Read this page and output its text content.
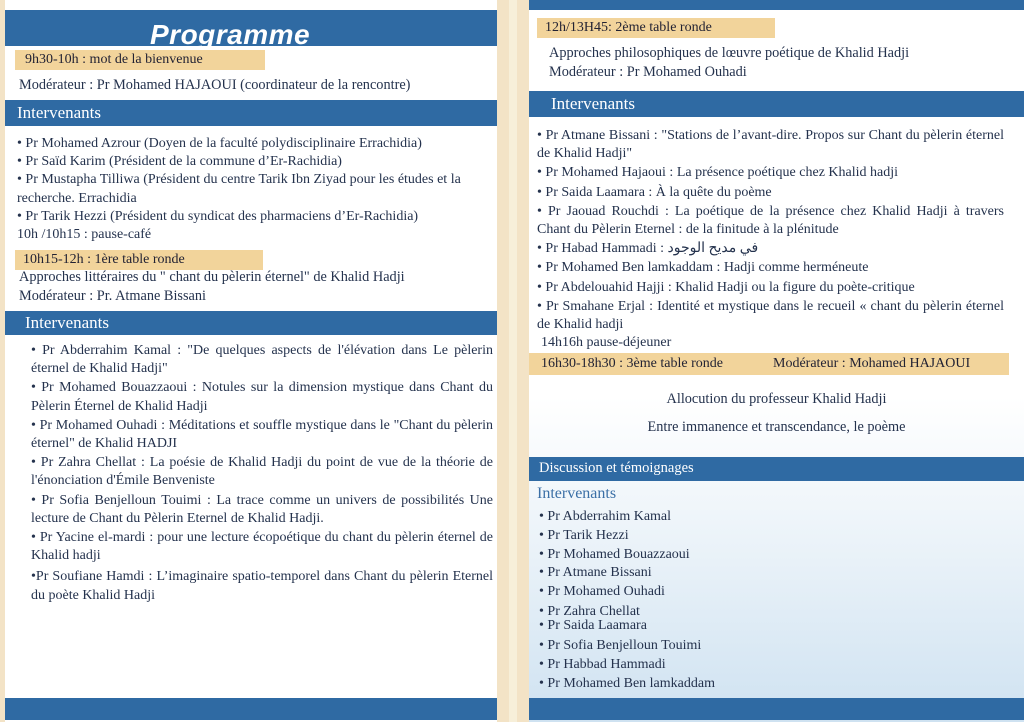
Programme
9h30-10h : mot de la bienvenue
Modérateur : Pr Mohamed HAJAOUI (coordinateur de la rencontre)
Intervenants
• Pr Mohamed Azrour (Doyen de la faculté polydisciplinaire Errachidia)
• Pr Saïd Karim (Président de la commune d’Er-Rachidia)
• Pr Mustapha Tilliwa (Président du centre Tarik Ibn Ziyad pour les études et la recherche. Errachidia
• Pr Tarik Hezzi (Président du syndicat des pharmaciens d’Er-Rachidia)
10h /10h15 : pause-café
10h15-12h : 1ère table ronde
Approches littéraires du " chant du pèlerin éternel" de Khalid Hadji
Modérateur : Pr. Atmane Bissani
Intervenants
• Pr Abderrahim Kamal : "De quelques aspects de l'élévation dans Le pèlerin éternel de Khalid Hadji"
• Pr Mohamed Bouazzaoui : Notules sur la dimension mystique dans Chant du Pèlerin Éternel de Khalid Hadji
• Pr Mohamed Ouhadi : Méditations et souffle mystique dans le "Chant du pèlerin éternel" de Khalid HADJI
• Pr Zahra Chellat : La poésie de Khalid Hadji du point de vue de la théorie de l'énonciation d'Émile Benveniste
• Pr Sofia Benjelloun Touimi : La trace comme un univers de possibilités Une lecture de Chant du Pèlerin Eternel de Khalid Hadji.
• Pr Yacine el-mardi : pour une lecture écopoétique du chant du pèlerin éternel de Khalid hadji
•Pr Soufiane Hamdi : L’imaginaire spatio-temporel dans Chant du pèlerin Eternel du poète Khalid Hadji
12h/13H45: 2ème table ronde
Approches philosophiques de lœuvre poétique de Khalid Hadji
Modérateur : Pr Mohamed Ouhadi
Intervenants
• Pr Atmane Bissani : "Stations de l’avant-dire. Propos sur Chant du pèlerin éternel de Khalid Hadji"
• Pr Mohamed Hajaoui : La présence poétique chez Khalid hadji
• Pr Saida Laamara : À la quête du poème
• Pr Jaouad Rouchdi : La poétique de la présence chez Khalid Hadji à travers Chant du Pèlerin Eternel : de la finitude à la plénitude
• Pr Habad Hammadi : في مديح الوجود
• Pr Mohamed Ben lamkaddam : Hadji comme herméneute
• Pr Abdelouahid Hajji : Khalid Hadji ou la figure du poète-critique
• Pr Smahane Erjal : Identité et mystique dans le recueil « chant du pèlerin éternel de Khalid hadji
14h16h pause-déjeuner
16h30-18h30 : 3ème table ronde	Modérateur : Mohamed HAJAOUI
Allocution du professeur Khalid Hadji
Entre immanence et transcendance, le poème
Discussion et témoignages
Intervenants
• Pr Abderrahim Kamal
• Pr Tarik Hezzi
• Pr Mohamed Bouazzaoui
• Pr Atmane Bissani
• Pr Mohamed Ouhadi
• Pr Zahra Chellat
• Pr Saida Laamara
• Pr Sofia Benjelloun Touimi
• Pr Habbad Hammadi
• Pr Mohamed Ben lamkaddam
